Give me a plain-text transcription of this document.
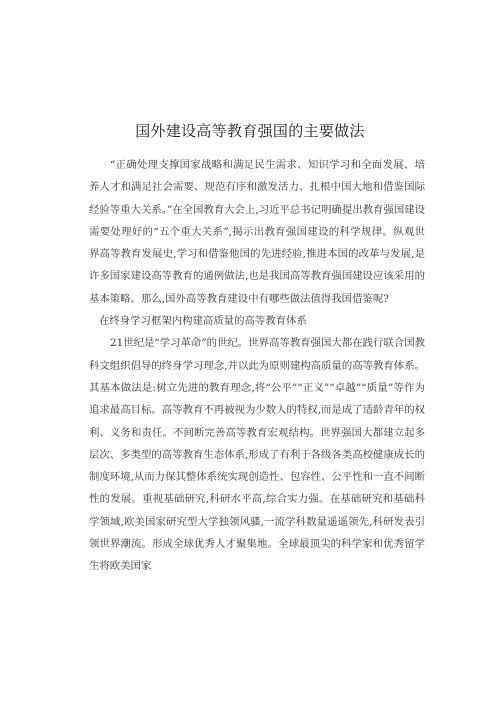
国外建设高等教育强国的主要做法

“正确处理支撑国家战略和满足民生需求、知识学习和全面发展、培养人才和满足社会需要、规范有序和激发活力、扎根中国大地和借鉴国际经验等重大关系。”在全国教育大会上,习近平总书记明确提出教育强国建设需要处理好的“五个重大关系”,揭示出教育强国建设的科学规律。纵观世界高等教育发展史,学习和借鉴他国的先进经验,推进本国的改革与发展,是许多国家建设高等教育的通例做法,也是我国高等教育强国建设应该采用的基本策略。那么,国外高等教育建设中有哪些做法值得我国借鉴呢?

在终身学习框架内构建高质量的高等教育体系

21世纪是“学习革命”的世纪。世界高等教育强国大都在践行联合国教科文组织倡导的终身学习理念,并以此为原则建构高质量的高等教育体系。其基本做法是:树立先进的教育理念,将“公平”“正义”“卓越”“质量”等作为追求最高目标。高等教育不再被视为少数人的特权,而是成了适龄青年的权利、义务和责任。不间断完善高等教育宏观结构。世界强国大都建立起多层次、多类型的高等教育生态体系,形成了有利于各级各类高校健康成长的制度环境,从而力保其整体系统实现创造性、包容性、公平性和一直不间断性的发展。重视基础研究,科研水平高,综合实力强。在基础研究和基础科学领域,欧美国家研究型大学独领风骚,一流学科数量遥遥领先,科研发表引领世界潮流。形成全球优秀人才聚集地。全球最顶尖的科学家和优秀留学生将欧美国家
